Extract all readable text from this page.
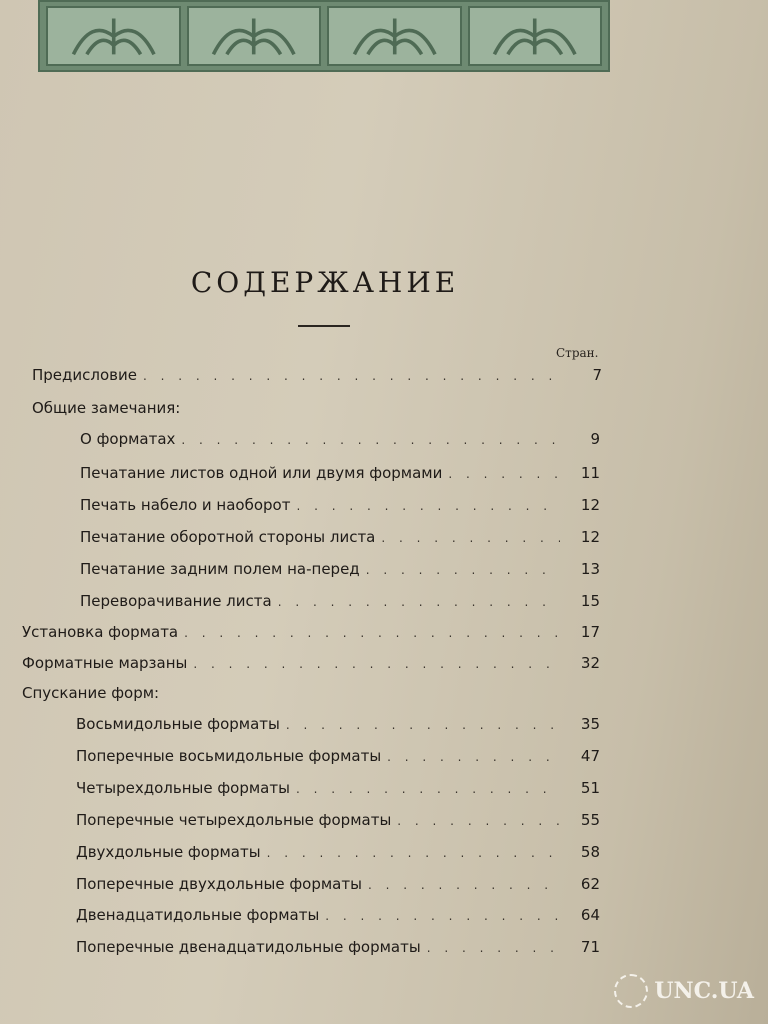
СОДЕРЖАНИЕ
Стран.
Предисловие . . .	7
Общие замечания:
О форматах . . .	9
Печатание листов одной или двумя формами . . .	11
Печать набело и наоборот . . .	12
Печатание оборотной стороны листа . . .	12
Печатание задним полем на-перед . . .	13
Переворачивание листа . . .	15
Установка формата . . .	17
Форматные марзаны . . .	32
Спускание форм:
Восьмидольные форматы . . .	35
Поперечные восьмидольные форматы . . .	47
Четырехдольные форматы . . .	51
Поперечные четырехдольные форматы . . .	55
Двухдольные форматы . . .	58
Поперечные двухдольные форматы . . .	62
Двенадцатидольные форматы . . .	64
Поперечные двенадцатидольные форматы . . .	71
UNC.UA
